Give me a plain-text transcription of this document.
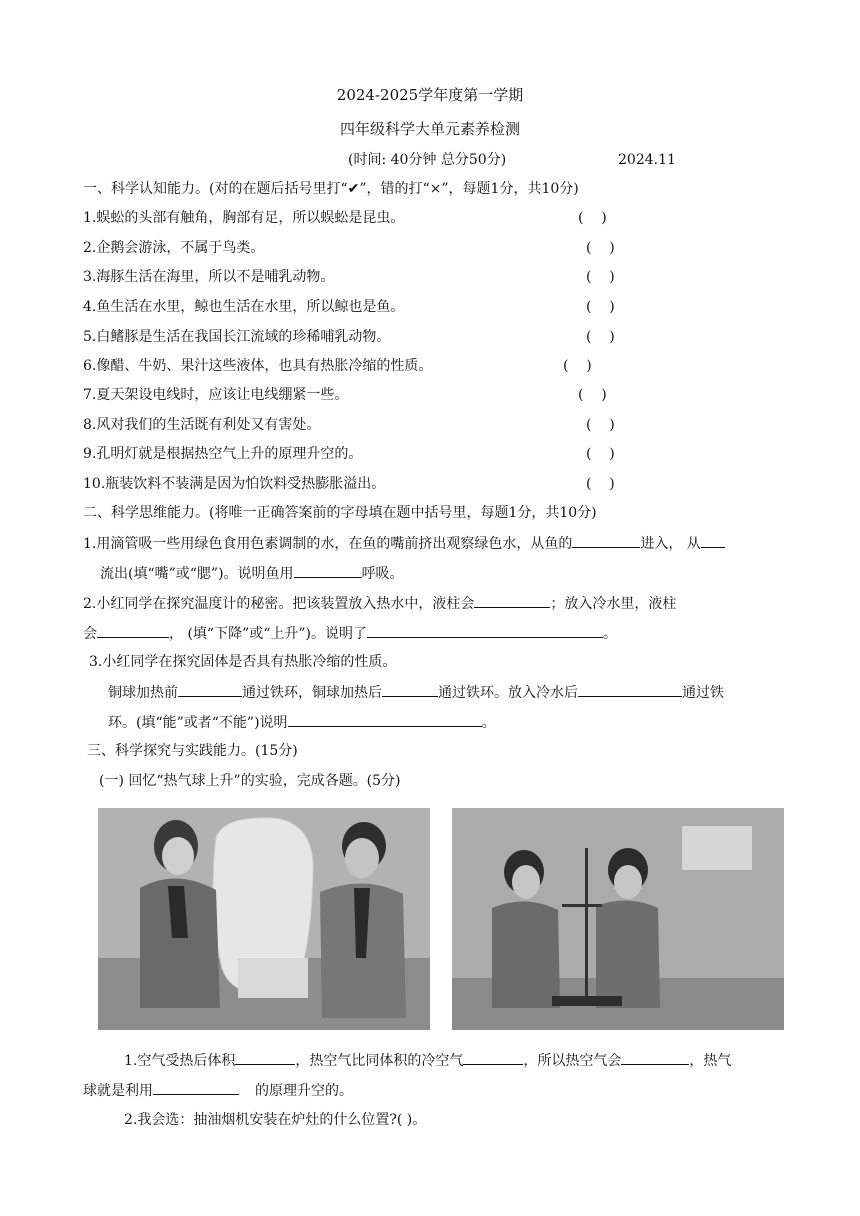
2024-2025学年度第一学期
四年级科学大单元素养检测
(时间: 40分钟 总分50分)	2024.11
一、科学认知能力。(对的在题后括号里打“✔”，错的打“×”，每题1分，共10分)
1.蜈蚣的头部有触角，胸部有足，所以蜈蚣是昆虫。	(    )
2.企鹅会游泳，不属于鸟类。	(    )
3.海豚生活在海里，所以不是哺乳动物。	(    )
4.鱼生活在水里，鲸也生活在水里，所以鲸也是鱼。	(    )
5.白鳍豚是生活在我国长江流域的珍稀哺乳动物。	(    )
6.像醋、牛奶、果汁这些液体，也具有热胀冷缩的性质。	(    )
7.夏天架设电线时，应该让电线绷紧一些。	(    )
8.风对我们的生活既有利处又有害处。	(    )
9.孔明灯就是根据热空气上升的原理升空的。	(    )
10.瓶装饮料不装满是因为怕饮料受热膨胀溢出。	(    )
二、科学思维能力。(将唯一正确答案前的字母填在题中括号里，每题1分，共10分)
1.用滴管吸一些用绿色食用色素调制的水，在鱼的嘴前挤出观察绿色水，从鱼的	进入， 从
流出(填“嘴”或“腮”)。说明鱼用	呼吸。
2.小红同学在探究温度计的秘密。把该装置放入热水中，液柱会	；放入冷水里，液柱
会	， (填“下降”或“上升”)。说明了	。
3.小红同学在探究固体是否具有热胀冷缩的性质。
铜球加热前	通过铁环，铜球加热后	通过铁环。放入冷水后	通过铁
环。(填“能”或者“不能”)说明	。
三、科学探究与实践能力。(15分)
(一) 回忆“热气球上升”的实验，完成各题。(5分)
1.空气受热后体积	，热空气比同体积的冷空气	，所以热空气会	，热气
球就是利用	的原理升空的。
2.我会选：抽油烟机安装在炉灶的什么位置?( )。
